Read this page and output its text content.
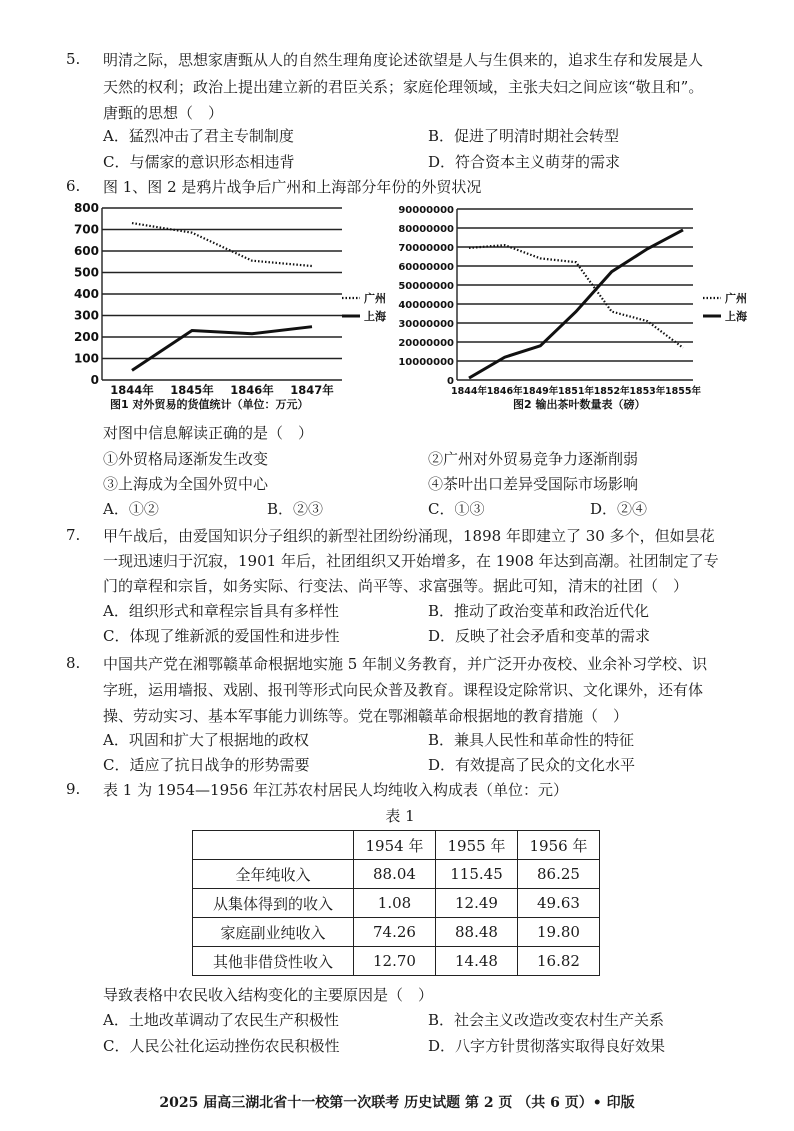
5. 明清之际，思想家唐甄从人的自然生理角度论述欲望是人与生俱来的，追求生存和发展是人
天然的权利；政治上提出建立新的君臣关系；家庭伦理领域，主张夫妇之间应该“敬且和”。
唐甄的思想（　）
A．猛烈冲击了君主专制制度	B．促进了明清时期社会转型
C．与儒家的意识形态相违背	D．符合资本主义萌芽的需求
6. 图 1、图 2 是鸦片战争后广州和上海部分年份的外贸状况
0
100
200
300
400
500
600
700
800
1844年 1845年 1846年 1847年
广州
上海
图1 对外贸易的货值统计（单位：万元）
0
10000000
20000000
30000000
40000000
50000000
60000000
70000000
80000000
90000000
1844年 1846年 1849年 1851年 1852年 1853年 1855年
广州
上海
图2 输出茶叶数量表（磅）
对图中信息解读正确的是（　）
①外贸格局逐渐发生改变	②广州对外贸易竞争力逐渐削弱
③上海成为全国外贸中心	④茶叶出口差异受国际市场影响
A．①②	B．②③	C．①③	D．②④
7. 甲午战后，由爱国知识分子组织的新型社团纷纷涌现，1898 年即建立了 30 多个，但如昙花
一现迅速归于沉寂，1901 年后，社团组织又开始增多，在 1908 年达到高潮。社团制定了专
门的章程和宗旨，如务实际、行变法、尚平等、求富强等。据此可知，清末的社团（　）
A．组织形式和章程宗旨具有多样性	B．推动了政治变革和政治近代化
C．体现了维新派的爱国性和进步性	D．反映了社会矛盾和变革的需求
8. 中国共产党在湘鄂赣革命根据地实施 5 年制义务教育，并广泛开办夜校、业余补习学校、识
字班，运用墙报、戏剧、报刊等形式向民众普及教育。课程设定除常识、文化课外，还有体
操、劳动实习、基本军事能力训练等。党在鄂湘赣革命根据地的教育措施（　）
A．巩固和扩大了根据地的政权	B．兼具人民性和革命性的特征
C．适应了抗日战争的形势需要	D．有效提高了民众的文化水平
9. 表 1 为 1954—1956 年江苏农村居民人均纯收入构成表（单位：元）
表 1
	1954 年	1955 年	1956 年
全年纯收入	88.04	115.45	86.25
从集体得到的收入	1.08	12.49	49.63
家庭副业纯收入	74.26	88.48	19.80
其他非借贷性收入	12.70	14.48	16.82
导致表格中农民收入结构变化的主要原因是（　）
A．土地改革调动了农民生产积极性	B．社会主义改造改变农村生产关系
C．人民公社化运动挫伤农民积极性	D．八字方针贯彻落实取得良好效果
2025 届高三湖北省十一校第一次联考 历史试题 第 2 页 （共 6 页）• 印版
